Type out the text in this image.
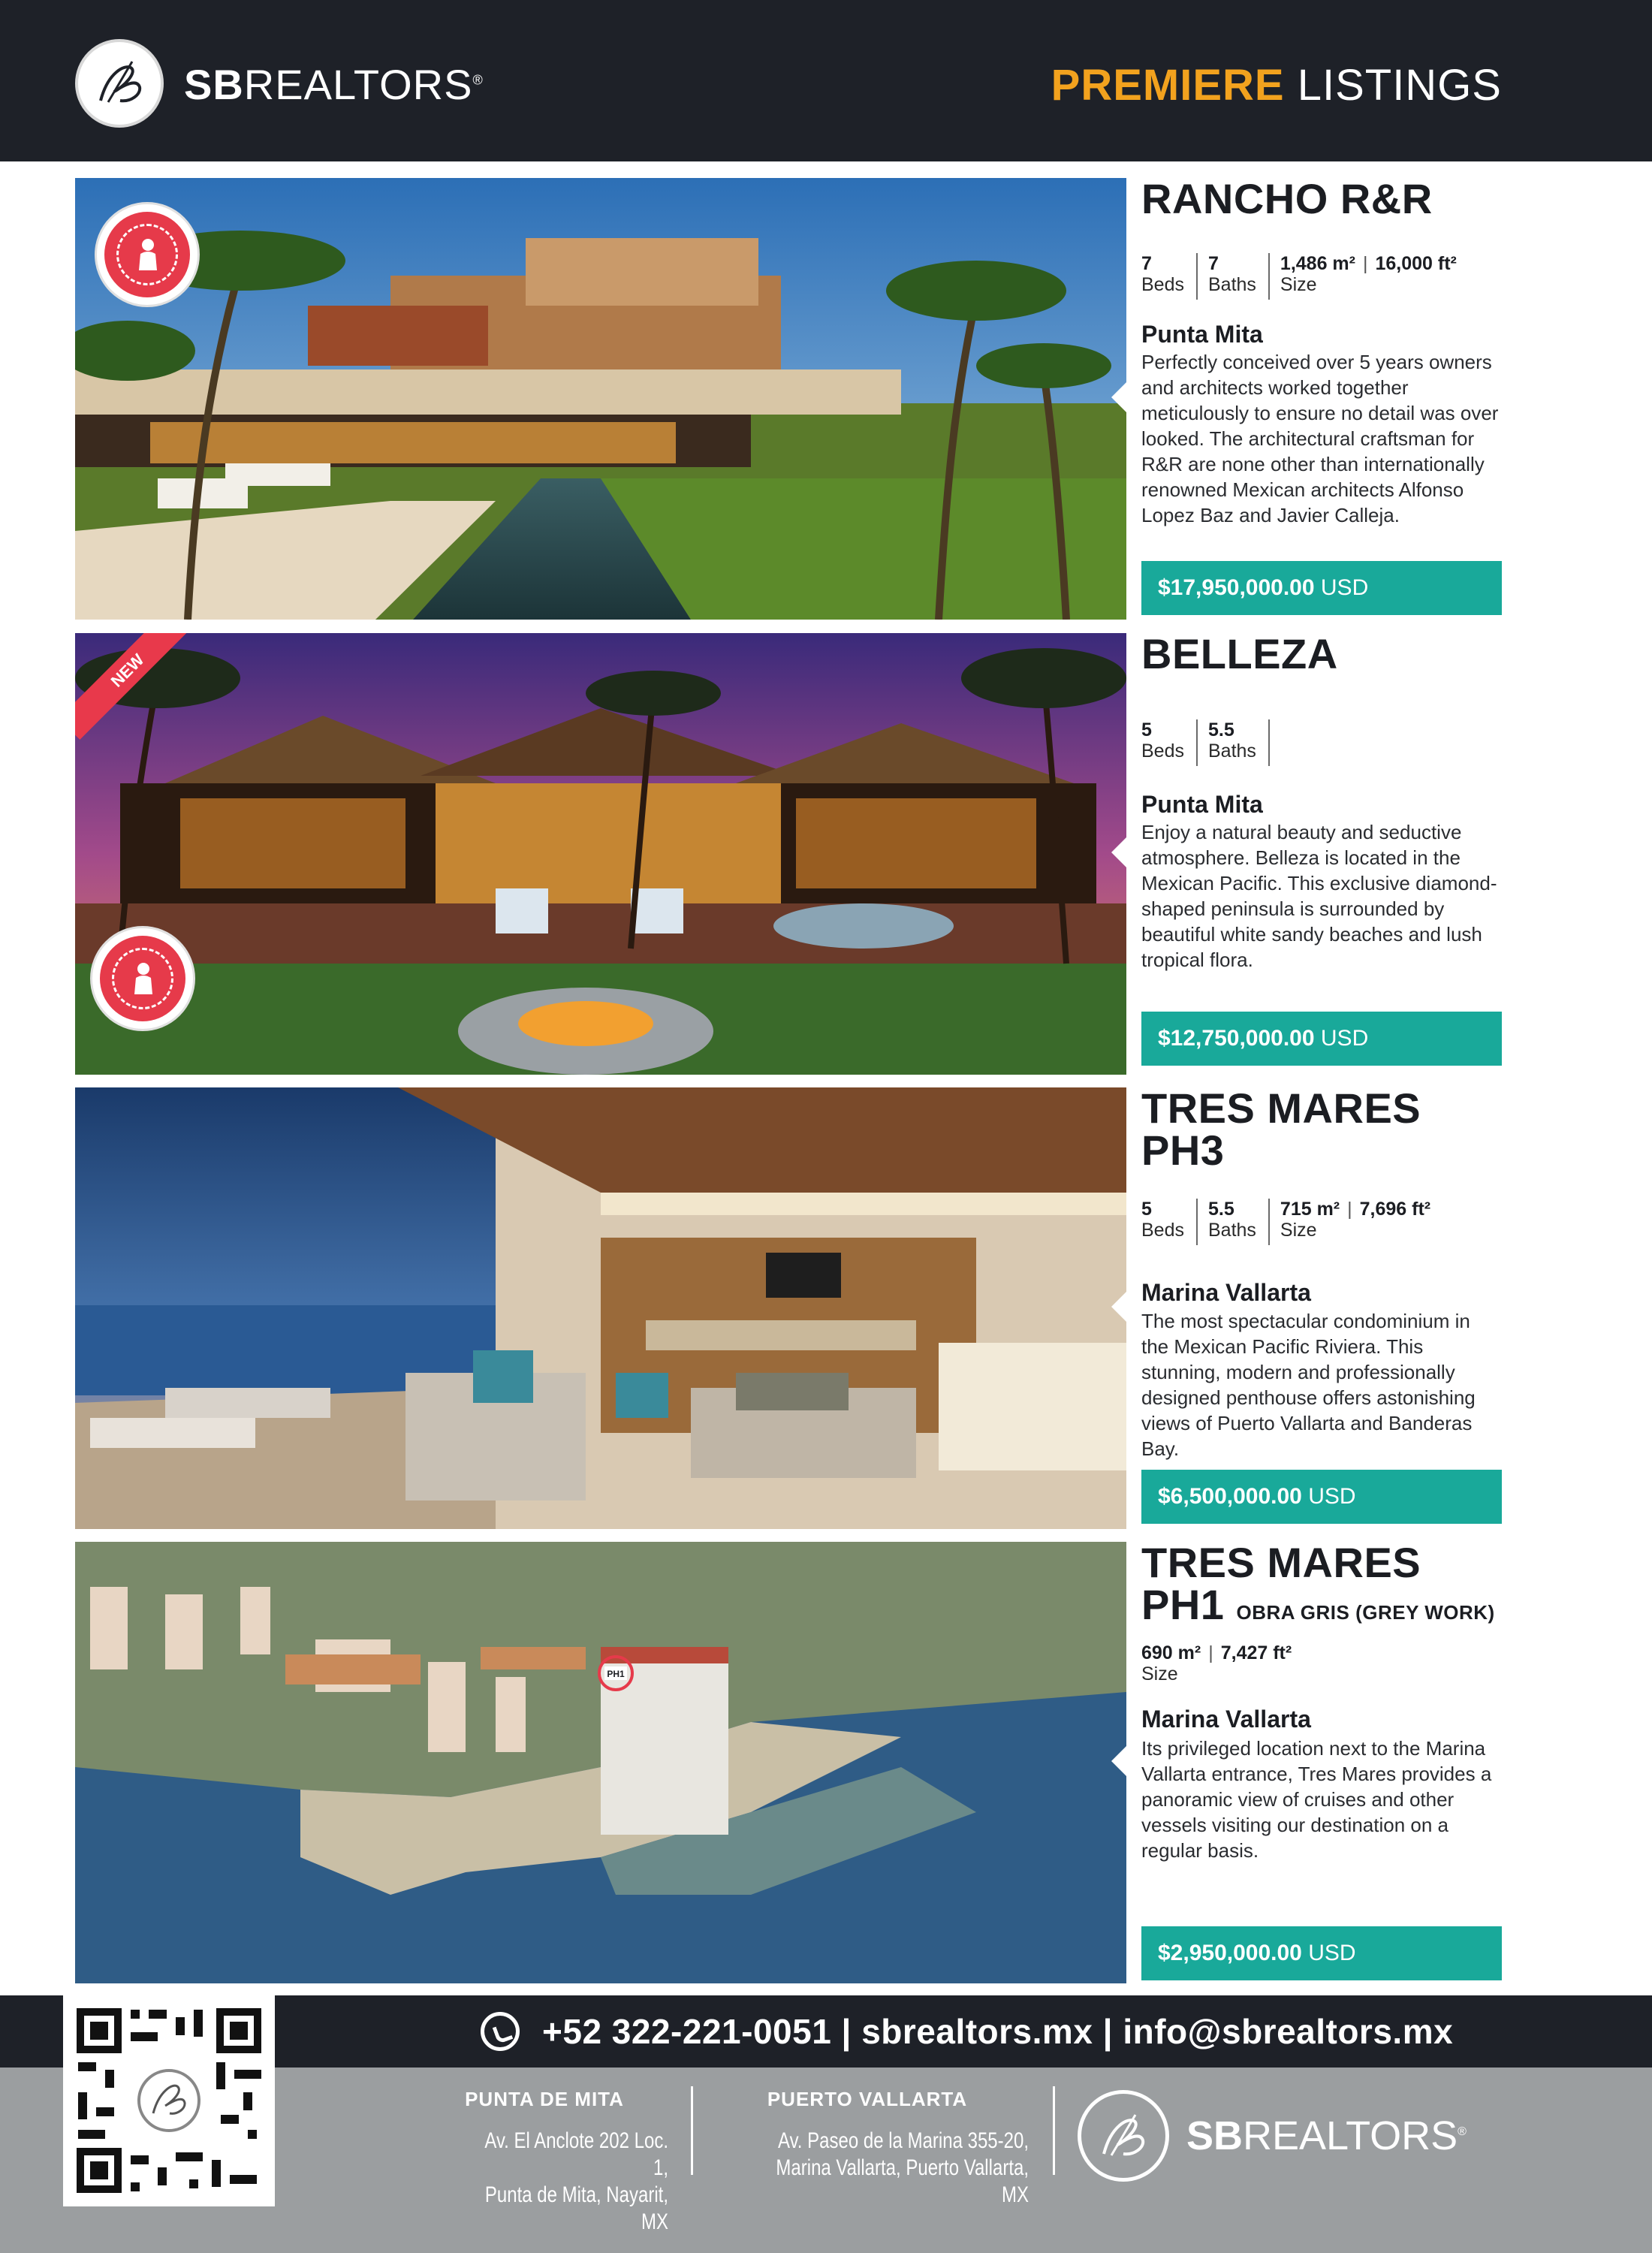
SBREALTORS®	PREMIERE LISTINGS
RANCHO R&R
7
Beds
7
Baths
1,486 m² | 16,000 ft²
Size
Punta Mita
Perfectly conceived over 5 years owners and architects worked together meticulously to ensure no detail was over looked. The architectural craftsman for R&R are none other than internationally renowned Mexican architects Alfonso Lopez Baz and Javier Calleja.
$17,950,000.00 USD
NEW	BELLEZA
5
Beds
5.5
Baths
Punta Mita
Enjoy a natural beauty and seductive atmosphere. Belleza is located in the Mexican Pacific. This exclusive diamond-shaped peninsula is surrounded by beautiful white sandy beaches and lush tropical flora.
$12,750,000.00 USD
TRES MARES
PH3
5
Beds
5.5
Baths
715 m² | 7,696 ft²
Size
Marina Vallarta
The most spectacular condominium in the Mexican Pacific Riviera. This stunning, modern and professionally designed penthouse offers astonishing views of Puerto Vallarta and Banderas Bay.
$6,500,000.00 USD
PH1
TRES MARES
PH1 OBRA GRIS (GREY WORK)
690 m² | 7,427 ft²
Size
Marina Vallarta
Its privileged location next to the Marina Vallarta entrance, Tres Mares provides a panoramic view of cruises and other vessels visiting our destination on a regular basis.
$2,950,000.00 USD
+52 322-221-0051 | sbrealtors.mx | info@sbrealtors.mx
PUNTA DE MITA
Av. El Anclote 202 Loc. 1,
Punta de Mita, Nayarit, MX
PUERTO VALLARTA
Av. Paseo de la Marina 355-20,
Marina Vallarta, Puerto Vallarta, MX
SBREALTORS®
